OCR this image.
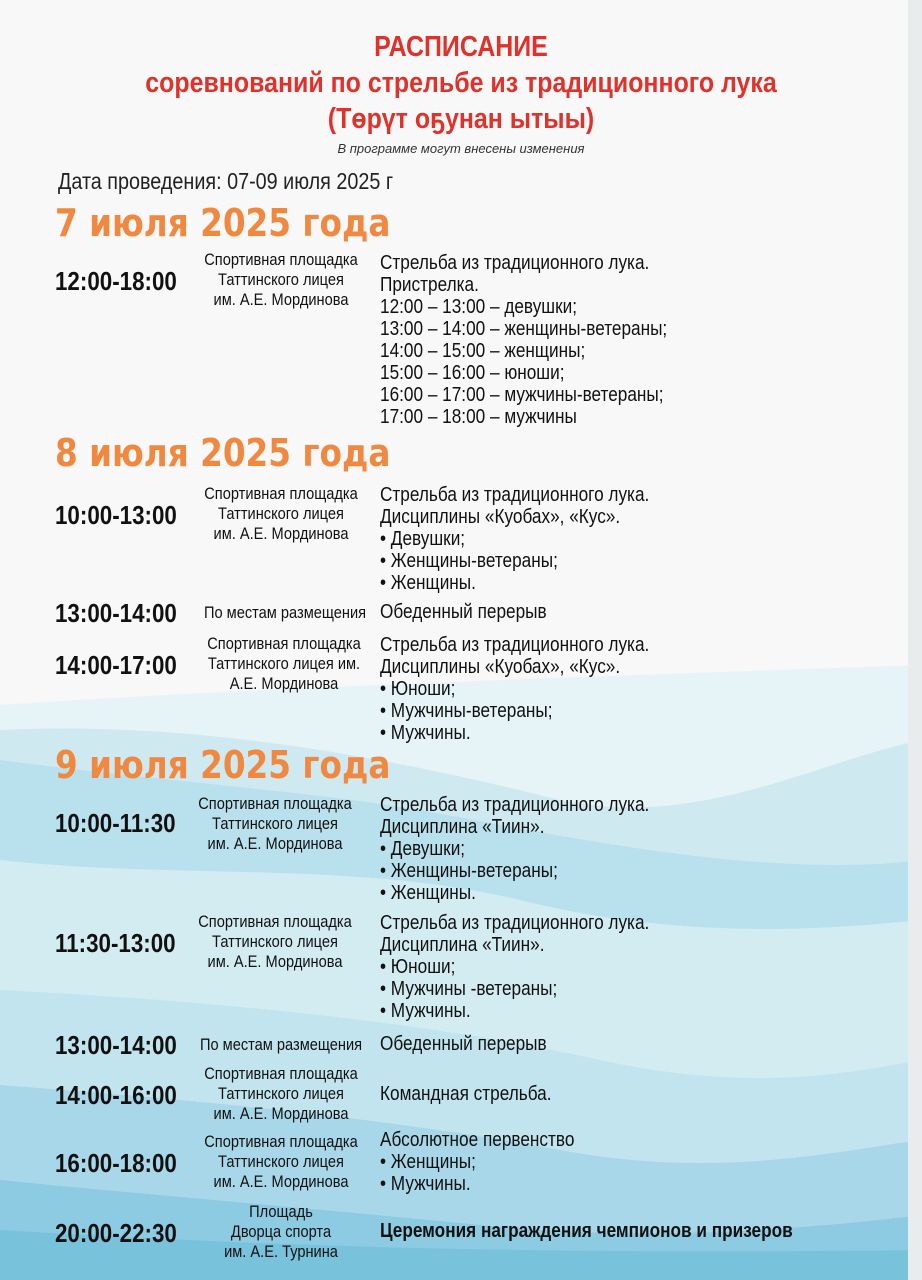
РАСПИСАНИЕ
соревнований по стрельбе из традиционного лука
(Төрүт оҕунан ытыы)
В программе могут внесены изменения
Дата проведения: 07-09 июля 2025 г
7 июля 2025 года
12:00-18:00
Спортивная площадка
Таттинского лицея
им. А.Е. Мординова
Стрельба из традиционного лука.
Пристрелка.
12:00 – 13:00 – девушки;
13:00 – 14:00 – женщины-ветераны;
14:00 – 15:00 – женщины;
15:00 – 16:00 – юноши;
16:00 – 17:00 – мужчины-ветераны;
17:00 – 18:00 – мужчины
8 июля 2025 года
10:00-13:00
Спортивная площадка
Таттинского лицея
им. А.Е. Мординова
Стрельба из традиционного лука.
Дисциплины «Куобах», «Кус».
• Девушки;
• Женщины-ветераны;
• Женщины.
13:00-14:00	По местам размещения Обеденный перерыв
14:00-17:00
Спортивная площадка
Таттинского лицея им.
А.Е. Мординова
Стрельба из традиционного лука.
Дисциплины «Куобах», «Кус».
• Юноши;
• Мужчины-ветераны;
• Мужчины.
9 июля 2025 года
10:00-11:30
Спортивная площадка
Таттинского лицея
им. А.Е. Мординова
Стрельба из традиционного лука.
Дисциплина «Тиин».
• Девушки;
• Женщины-ветераны;
• Женщины.
11:30-13:00
Спортивная площадка
Таттинского лицея
им. А.Е. Мординова
Стрельба из традиционного лука.
Дисциплина «Тиин».
• Юноши;
• Мужчины -ветераны;
• Мужчины.
13:00-14:00	По местам размещения Обеденный перерыв
14:00-16:00
Спортивная площадка
Таттинского лицея
им. А.Е. Мординова
Командная стрельба.
16:00-18:00
Спортивная площадка
Таттинского лицея
им. А.Е. Мординова
Абсолютное первенство
• Женщины;
• Мужчины.
20:00-22:30
Площадь
Дворца спорта
им. А.Е. Турнина
Церемония награждения чемпионов и призеров
